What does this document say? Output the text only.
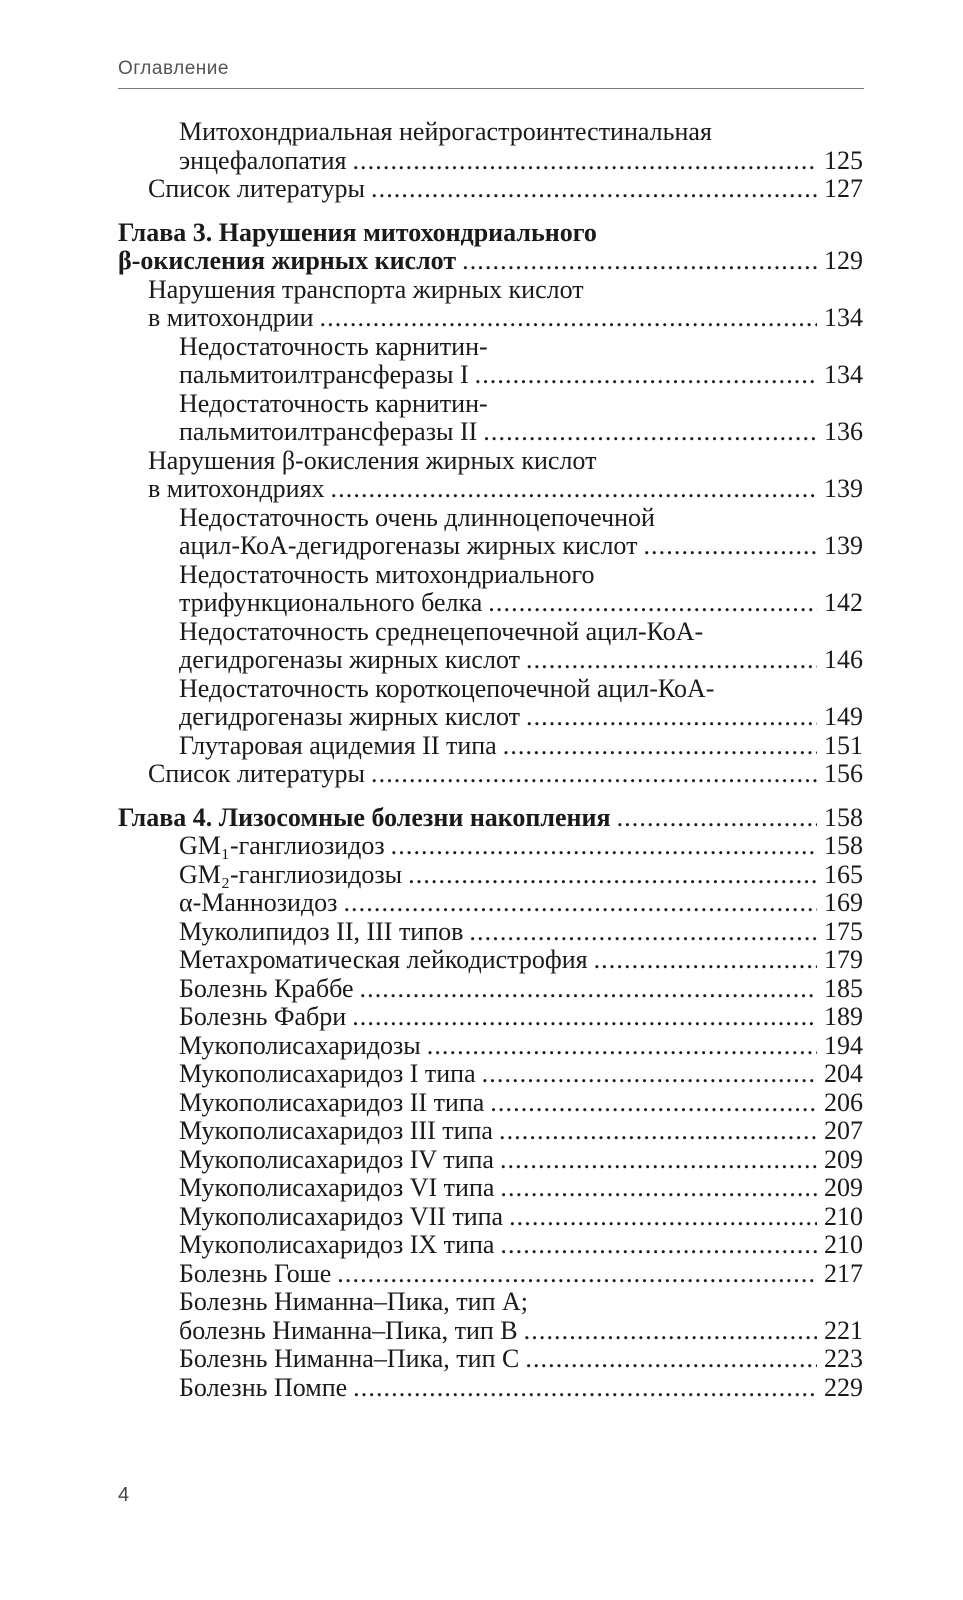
Оглавление
Митохондриальная нейрогастроинтестинальная
энцефалопатия .....	125
Список литературы .....	127
Глава 3. Нарушения митохондриального
β-окисления жирных кислот .....	129
Нарушения транспорта жирных кислот
в митохондрии .....	134
Недостаточность карнитин-
пальмитоилтрансферазы I .....	134
Недостаточность карнитин-
пальмитоилтрансферазы II .....	136
Нарушения β-окисления жирных кислот
в митохондриях .....	139
Недостаточность очень длинноцепочечной
ацил-КоА-дегидрогеназы жирных кислот .....	139
Недостаточность митохондриального
трифункционального белка .....	142
Недостаточность среднецепочечной ацил-КоА-
дегидрогеназы жирных кислот .....	146
Недостаточность короткоцепочечной ацил-КоА-
дегидрогеназы жирных кислот .....	149
Глутаровая ацидемия II типа .....	151
Список литературы .....	156
Глава 4. Лизосомные болезни накопления .....	158
GM₁-ганглиозидоз .....	158
GM₂-ганглиозидозы .....	165
α-Маннозидоз .....	169
Муколипидоз II, III типов .....	175
Метахроматическая лейкодистрофия .....	179
Болезнь Краббе .....	185
Болезнь Фабри .....	189
Мукополисахаридозы .....	194
Мукополисахаридоз I типа .....	204
Мукополисахаридоз II типа .....	206
Мукополисахаридоз III типа .....	207
Мукополисахаридоз IV типа .....	209
Мукополисахаридоз VI типа .....	209
Мукополисахаридоз VII типа .....	210
Мукополисахаридоз IX типа .....	210
Болезнь Гоше .....	217
Болезнь Ниманна–Пика, тип А;
болезнь Ниманна–Пика, тип В .....	221
Болезнь Ниманна–Пика, тип С .....	223
Болезнь Помпе .....	229
4
